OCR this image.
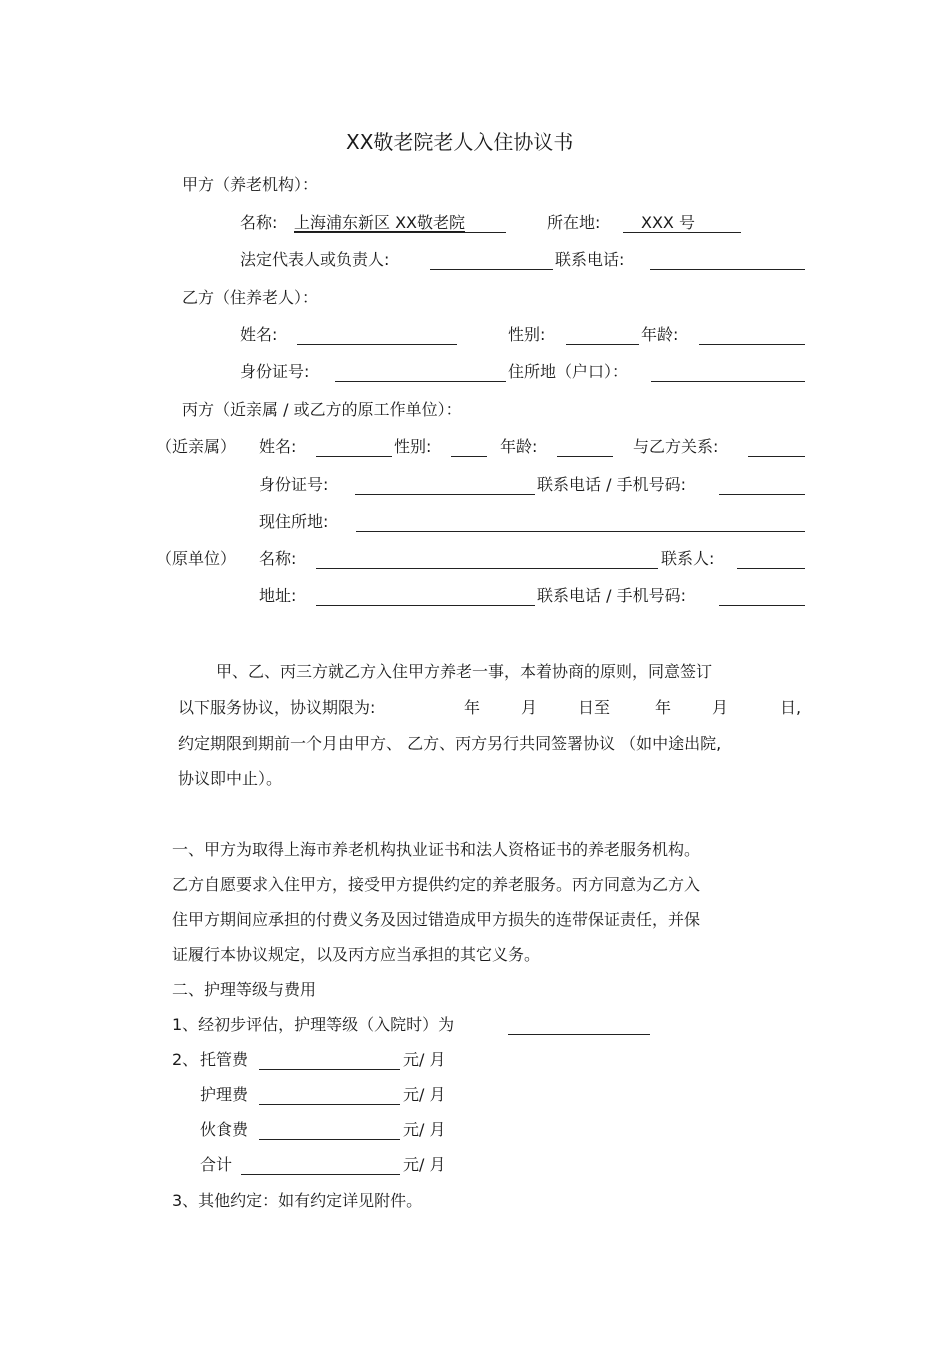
XX敬老院老人入住协议书
甲方（养老机构）：
名称: 上海浦东新区 XX敬老院	所在地:	XXX 号
法定代表人或负责人:	联系电话:
乙方（住养老人）：
姓名:	性别:	年龄:
身份证号:	住所地（户口）：
丙方（近亲属 / 或乙方的原工作单位）：
（近亲属） 姓名:	性别:	年龄:	与乙方关系:
身份证号:	联系电话 / 手机号码:
现住所地:
（原单位） 名称:	联系人:
地址:	联系电话 / 手机号码:
甲、乙、丙三方就乙方入住甲方养老一事，本着协商的原则，同意签订
以下服务协议，协议期限为:	年	月	日至	年	月	日,
约定期限到期前一个月由甲方、 乙方、丙方另行共同签署协议 （如中途出院,
协议即中止）。
一、甲方为取得上海市养老机构执业证书和法人资格证书的养老服务机构。
乙方自愿要求入住甲方，接受甲方提供约定的养老服务。丙方同意为乙方入
住甲方期间应承担的付费义务及因过错造成甲方损失的连带保证责任，并保
证履行本协议规定，以及丙方应当承担的其它义务。
二、护理等级与费用
1、经初步评估，护理等级（入院时）为
2、 托管费	元/ 月
护理费	元/ 月
伙食费	元/ 月
合计	元/ 月
3、其他约定：如有约定详见附件。
